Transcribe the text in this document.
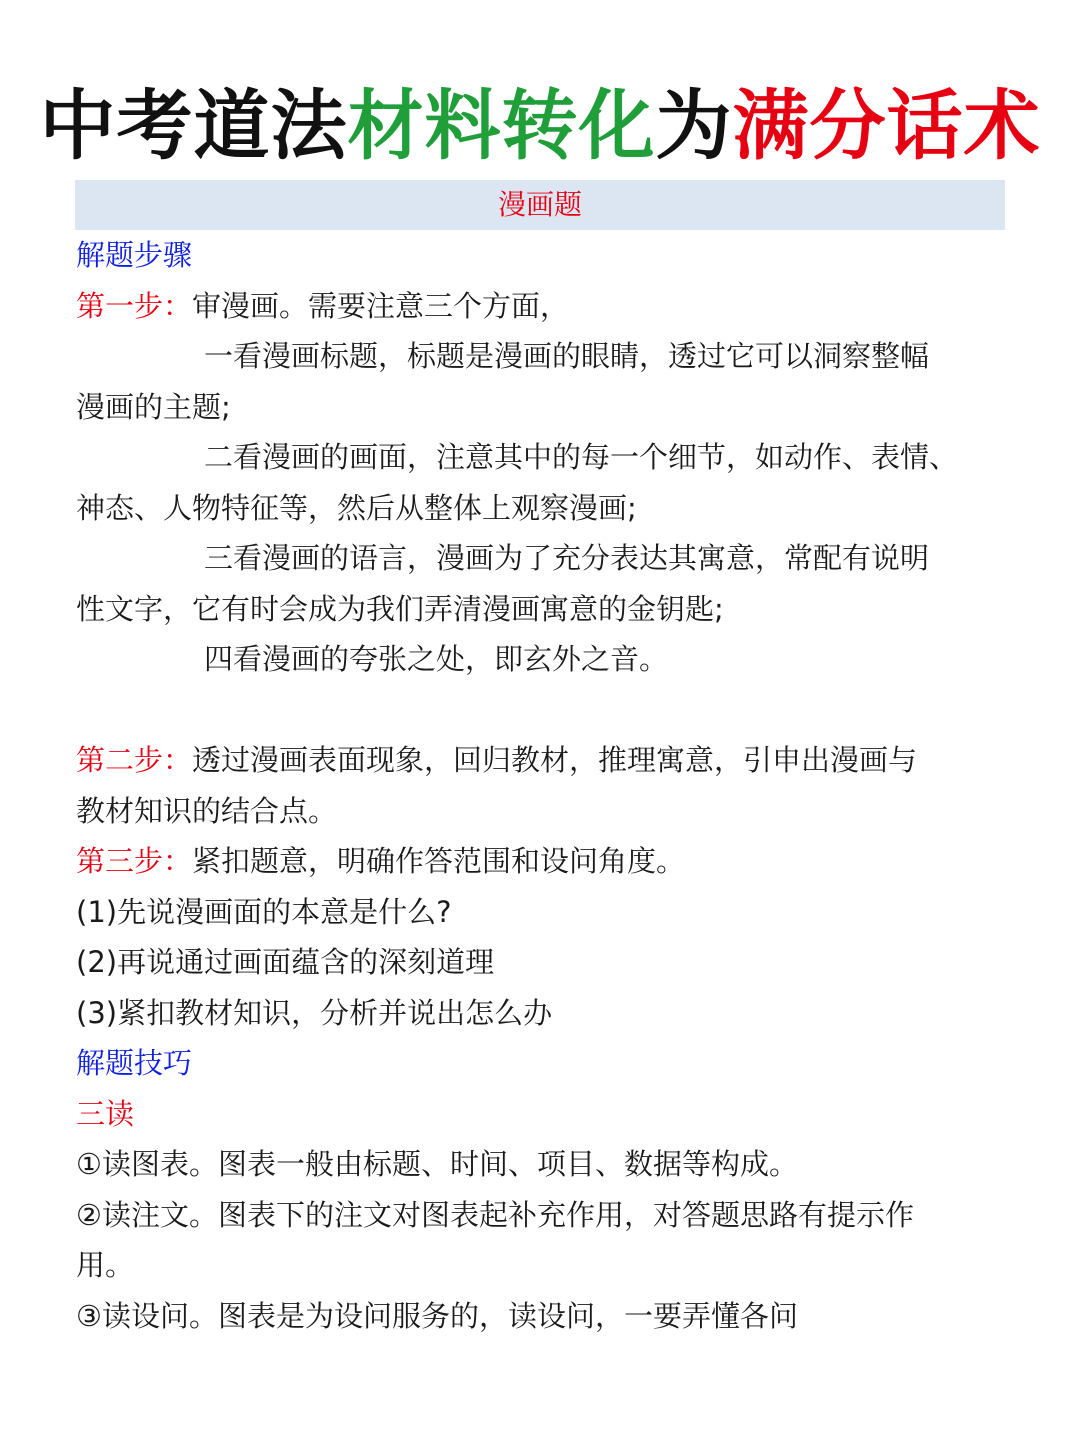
中考道法材料转化为满分话术
漫画题
解题步骤
第一步：审漫画。需要注意三个方面，
一看漫画标题，标题是漫画的眼睛，透过它可以洞察整幅
漫画的主题;
二看漫画的画面，注意其中的每一个细节，如动作、表情、
神态、人物特征等，然后从整体上观察漫画;
三看漫画的语言，漫画为了充分表达其寓意，常配有说明
性文字，它有时会成为我们弄清漫画寓意的金钥匙;
四看漫画的夸张之处，即玄外之音。
第二步：透过漫画表面现象，回归教材，推理寓意，引申出漫画与
教材知识的结合点。
第三步：紧扣题意，明确作答范围和设问角度。
(1)先说漫画面的本意是什么?
(2)再说通过画面蕴含的深刻道理
(3)紧扣教材知识，分析并说出怎么办
解题技巧
三读
①读图表。图表一般由标题、时间、项目、数据等构成。
②读注文。图表下的注文对图表起补充作用，对答题思路有提示作
用。
③读设问。图表是为设问服务的，读设问，一要弄懂各问
